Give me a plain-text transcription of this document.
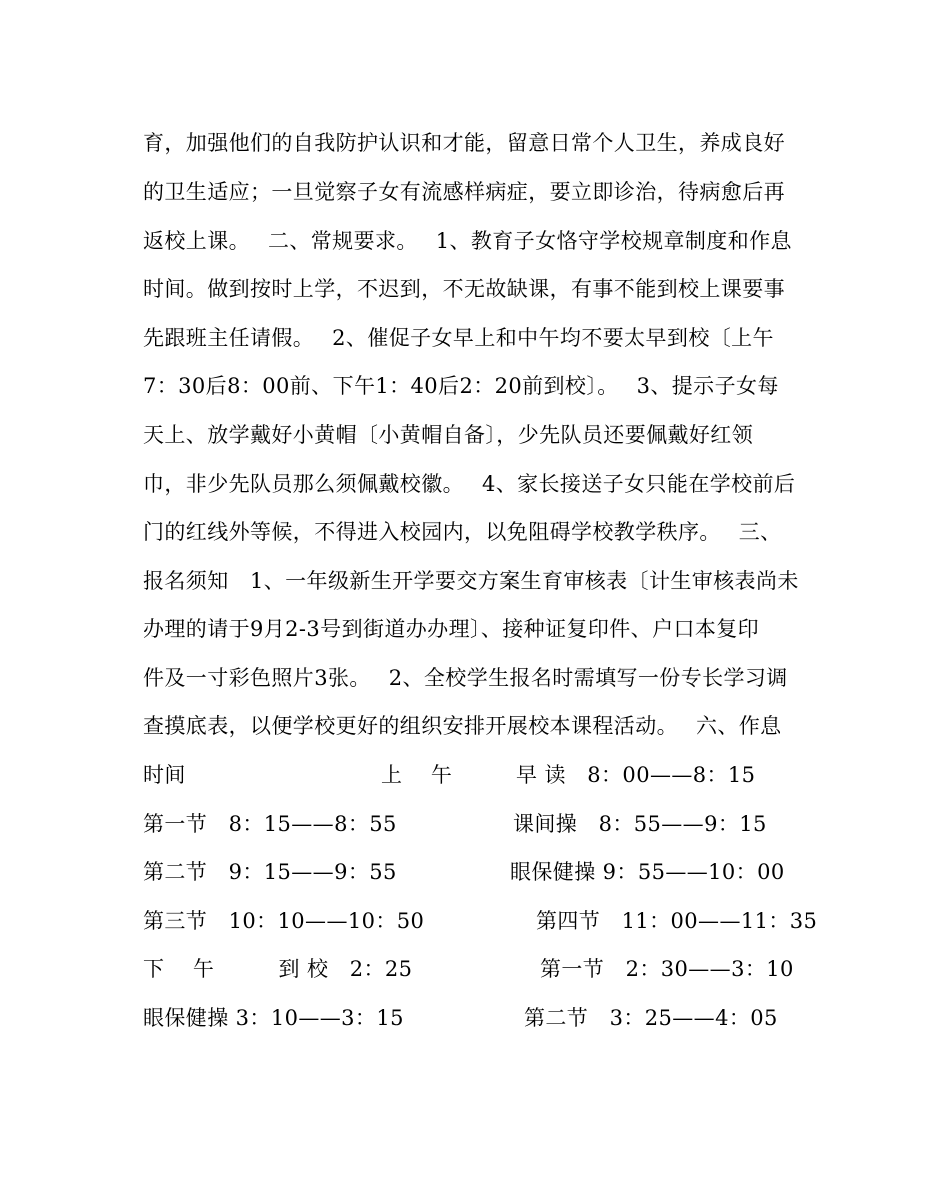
育，加强他们的自我防护认识和才能，留意日常个人卫生，养成良好
的卫生适应；一旦觉察子女有流感样病症，要立即诊治，待病愈后再
返校上课。　 二、常规要求。　 1、教育子女恪守学校规章制度和作息
时间。做到按时上学，不迟到，不无故缺课，有事不能到校上课要事
先跟班主任请假。　 2、催促子女早上和中午均不要太早到校〔上午
7：30后8：00前、下午1：40后2：20前到校〕。　 3、提示子女每
天上、放学戴好小黄帽〔小黄帽自备〕，少先队员还要佩戴好红领
巾，非少先队员那么须佩戴校徽。　 4、家长接送子女只能在学校前后
门的红线外等候，不得进入校园内，以免阻碍学校教学秩序。　 三、
报名须知　1、一年级新生开学要交方案生育审核表〔计生审核表尚未
办理的请于9月2-3号到街道办办理〕、接种证复印件、户口本复印
件及一寸彩色照片3张。　 2、全校学生报名时需填写一份专长学习调
查摸底表，以便学校更好的组织安排开展校本课程活动。　 六、作息
时间	上　 午	早 读　8：00——8：15
第一节　8：15——8：55	课间操　8：55——9：15
第二节　9：15——9：55	眼保健操 9：55——10：00
第三节　10：10——10：50	第四节　11：00——11：35
下　 午　　　到 校　2：25	第一节　2：30——3：10
眼保健操 3：10——3：15	第二节　3：25——4：05
